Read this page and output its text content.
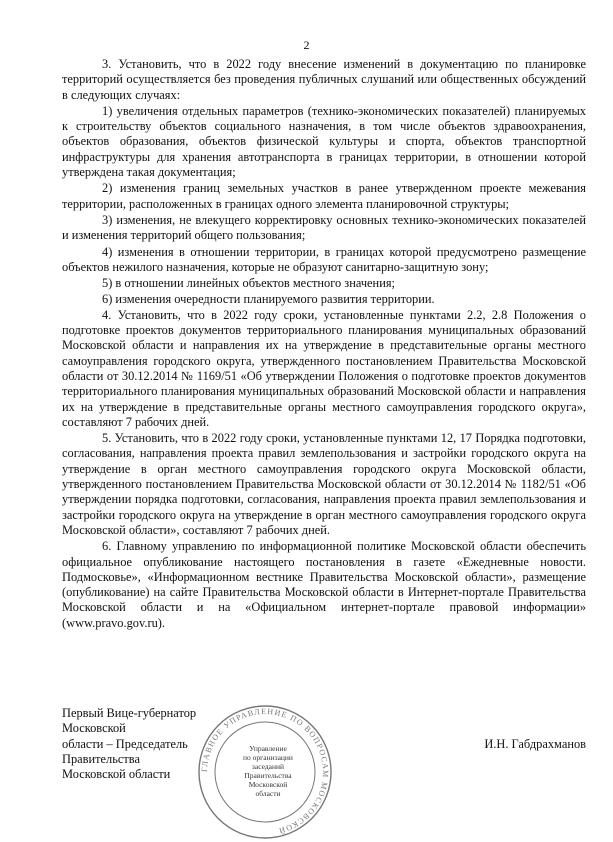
2

3. Установить, что в 2022 году внесение изменений в документацию по планировке территорий осуществляется без проведения публичных слушаний или общественных обсуждений в следующих случаях:

1) увеличения отдельных параметров (технико-экономических показателей) планируемых к строительству объектов социального назначения, в том числе объектов здравоохранения, объектов образования, объектов физической культуры и спорта, объектов транспортной инфраструктуры для хранения автотранспорта в границах территории, в отношении которой утверждена такая документация;

2) изменения границ земельных участков в ранее утвержденном проекте межевания территории, расположенных в границах одного элемента планировочной структуры;

3) изменения, не влекущего корректировку основных технико-экономических показателей и изменения территорий общего пользования;

4) изменения в отношении территории, в границах которой предусмотрено размещение объектов нежилого назначения, которые не образуют санитарно-защитную зону;

5) в отношении линейных объектов местного значения;

6) изменения очередности планируемого развития территории.

4. Установить, что в 2022 году сроки, установленные пунктами 2.2, 2.8 Положения о подготовке проектов документов территориального планирования муниципальных образований Московской области и направления их на утверждение в представительные органы местного самоуправления городского округа, утвержденного постановлением Правительства Московской области от 30.12.2014 № 1169/51 «Об утверждении Положения о подготовке проектов документов территориального планирования муниципальных образований Московской области и направления их на утверждение в представительные органы местного самоуправления городского округа», составляют 7 рабочих дней.

5. Установить, что в 2022 году сроки, установленные пунктами 12, 17 Порядка подготовки, согласования, направления проекта правил землепользования и застройки городского округа на утверждение в орган местного самоуправления городского округа Московской области, утвержденного постановлением Правительства Московской области от 30.12.2014 № 1182/51 «Об утверждении порядка подготовки, согласования, направления проекта правил землепользования и застройки городского округа на утверждение в орган местного самоуправления городского округа Московской области», составляют 7 рабочих дней.

6. Главному управлению по информационной политике Московской области обеспечить официальное опубликование настоящего постановления в газете «Ежедневные новости. Подмосковье», «Информационном вестнике Правительства Московской области», размещение (опубликование) на сайте Правительства Московской области в Интернет-портале Правительства Московской области и на «Официальном интернет-портале правовой информации» (www.pravo.gov.ru).

ГЛАВНОЕ УПРАВЛЕНИЕ ПО ВОПРОСАМ МОСКОВСКОЙ
Управление
по организации
заседаний
Правительства
Московской
области
Первый Вице-губернатор Московской
области – Председатель Правительства
Московской области
И.Н. Габдрахманов
